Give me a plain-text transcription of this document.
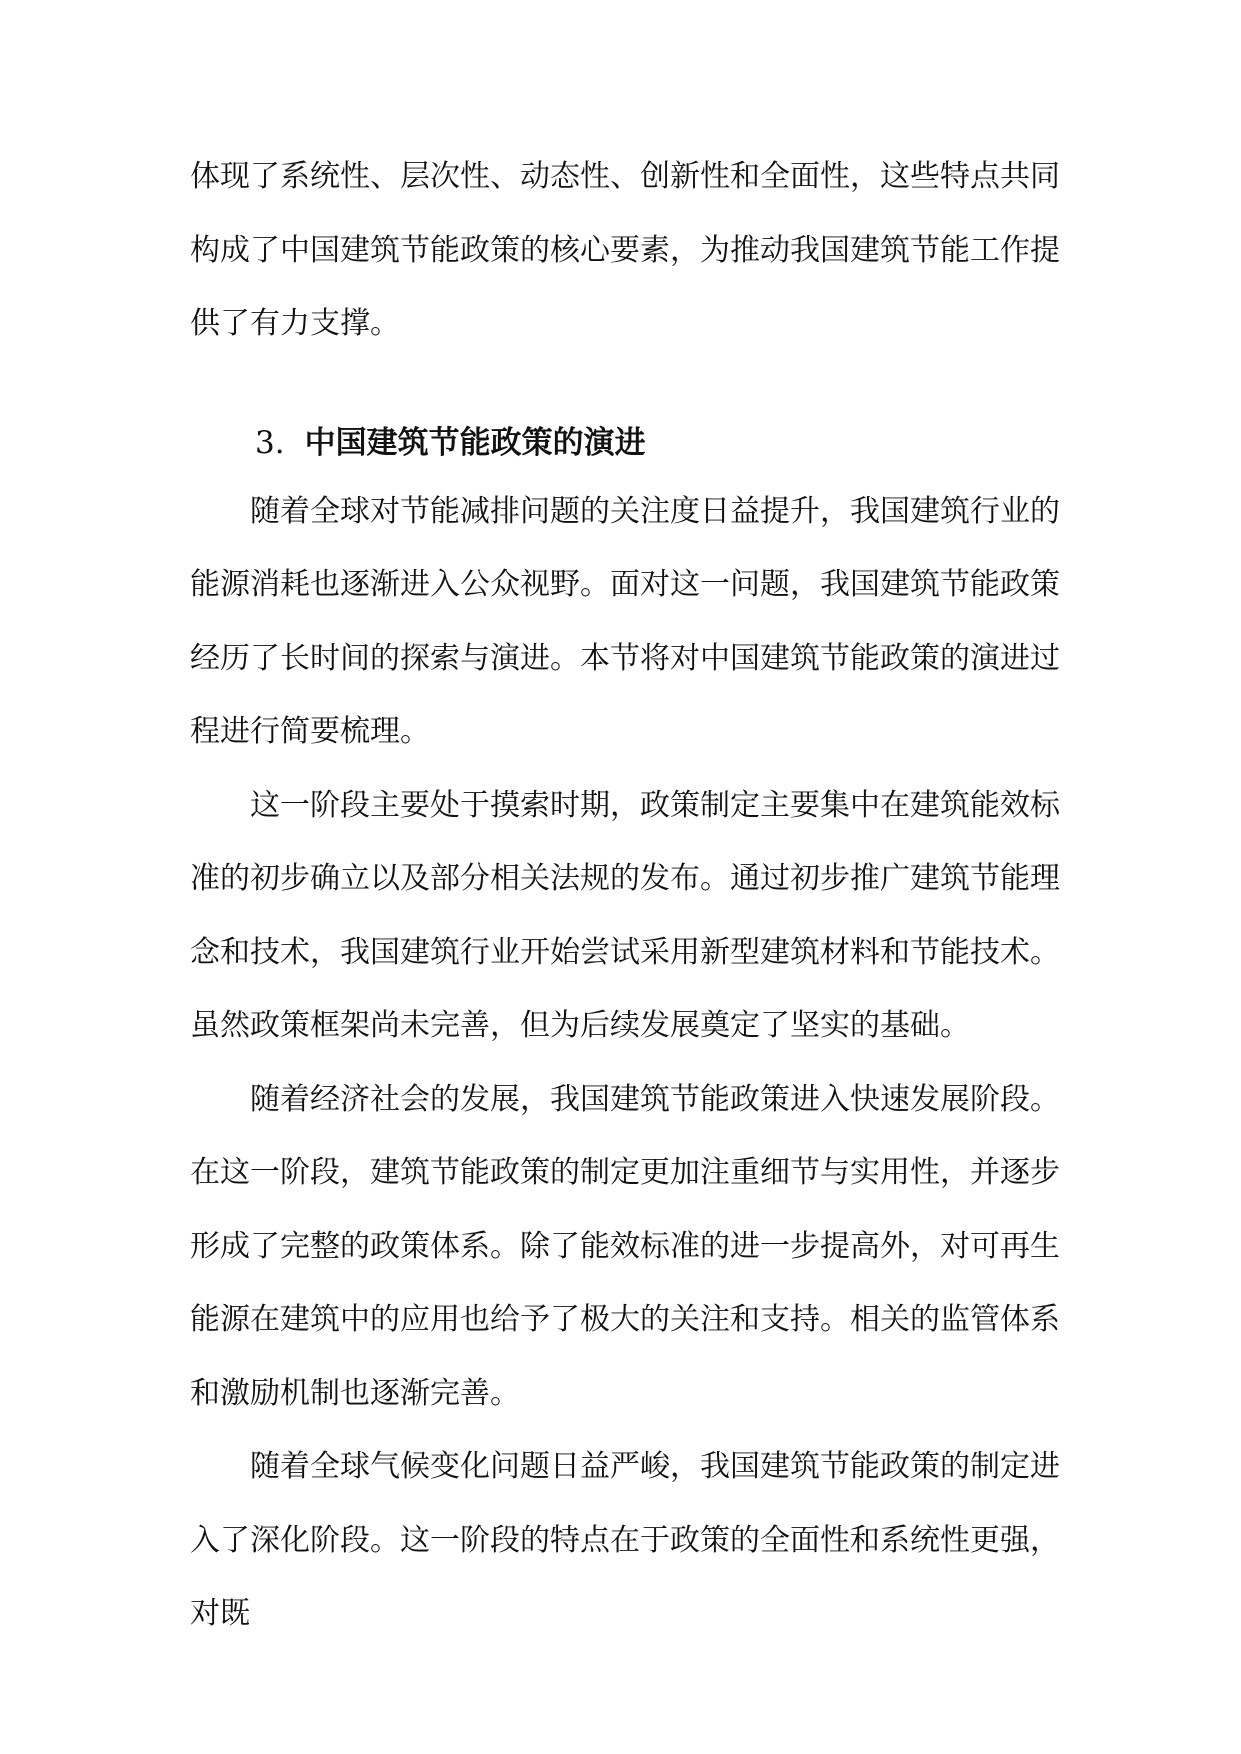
体现了系统性、层次性、动态性、创新性和全面性，这些特点共同构成了中国建筑节能政策的核心要素，为推动我国建筑节能工作提供了有力支撑。

3. 中国建筑节能政策的演进

随着全球对节能减排问题的关注度日益提升，我国建筑行业的能源消耗也逐渐进入公众视野。面对这一问题，我国建筑节能政策经历了长时间的探索与演进。本节将对中国建筑节能政策的演进过程进行简要梳理。

这一阶段主要处于摸索时期，政策制定主要集中在建筑能效标准的初步确立以及部分相关法规的发布。通过初步推广建筑节能理念和技术，我国建筑行业开始尝试采用新型建筑材料和节能技术。虽然政策框架尚未完善，但为后续发展奠定了坚实的基础。

随着经济社会的发展，我国建筑节能政策进入快速发展阶段。在这一阶段，建筑节能政策的制定更加注重细节与实用性，并逐步形成了完整的政策体系。除了能效标准的进一步提高外，对可再生能源在建筑中的应用也给予了极大的关注和支持。相关的监管体系和激励机制也逐渐完善。

随着全球气候变化问题日益严峻，我国建筑节能政策的制定进入了深化阶段。这一阶段的特点在于政策的全面性和系统性更强，对既
